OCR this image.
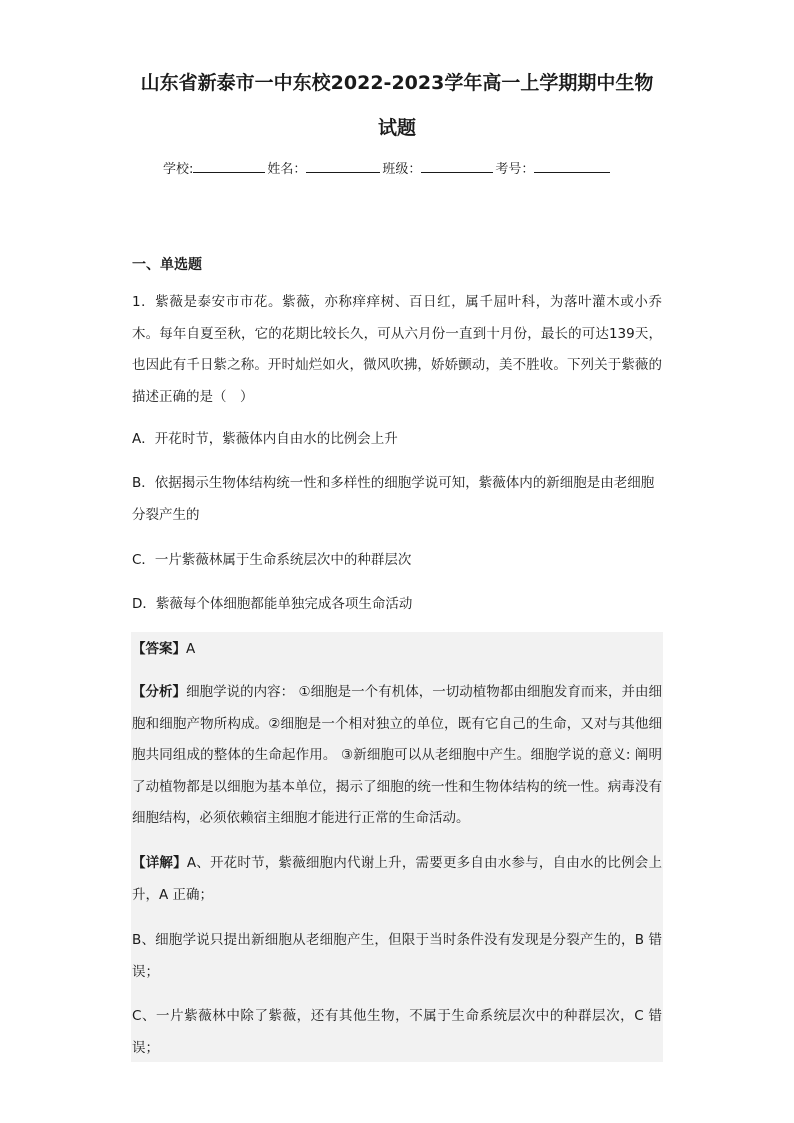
山东省新泰市一中东校2022-2023学年高一上学期期中生物
试题
学校:	姓名：	班级：	考号：
一、单选题
1．紫薇是泰安市市花。紫薇，亦称痒痒树、百日红，属千屈叶科，为落叶灌木或小乔木。每年自夏至秋，它的花期比较长久，可从六月份一直到十月份，最长的可达139天，也因此有千日紫之称。开时灿烂如火，微风吹拂，娇娇颤动，美不胜收。下列关于紫薇的描述正确的是（　）
A．开花时节，紫薇体内自由水的比例会上升
B．依据揭示生物体结构统一性和多样性的细胞学说可知，紫薇体内的新细胞是由老细胞分裂产生的
C．一片紫薇林属于生命系统层次中的种群层次
D．紫薇每个体细胞都能单独完成各项生命活动
【答案】A
【分析】细胞学说的内容： ①细胞是一个有机体，一切动植物都由细胞发育而来，并由细胞和细胞产物所构成。②细胞是一个相对独立的单位，既有它自己的生命，又对与其他细胞共同组成的整体的生命起作用。 ③新细胞可以从老细胞中产生。细胞学说的意义: 阐明了动植物都是以细胞为基本单位，揭示了细胞的统一性和生物体结构的统一性。病毒没有细胞结构，必须依赖宿主细胞才能进行正常的生命活动。
【详解】A、开花时节，紫薇细胞内代谢上升，需要更多自由水参与，自由水的比例会上升，A 正确；
B、细胞学说只提出新细胞从老细胞产生，但限于当时条件没有发现是分裂产生的，B 错误；
C、一片紫薇林中除了紫薇，还有其他生物，不属于生命系统层次中的种群层次，C 错误；
